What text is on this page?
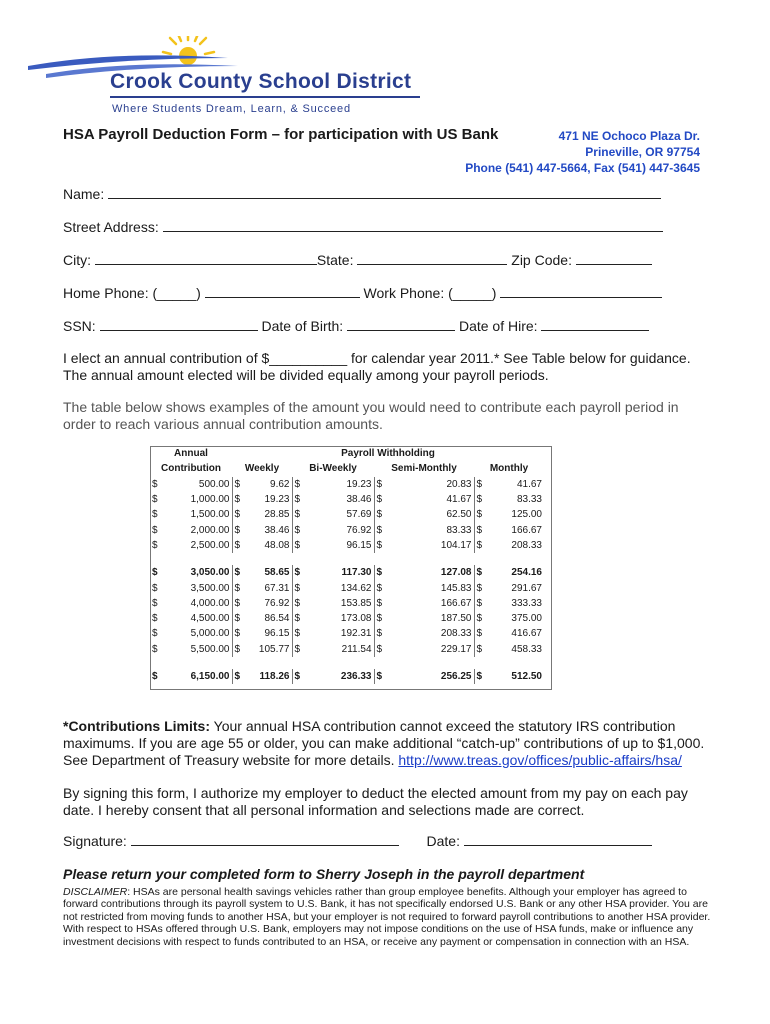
Crook County School District
Where Students Dream, Learn, & Succeed
HSA Payroll Deduction Form – for participation with US Bank	471 NE Ochoco Plaza Dr.
Prineville, OR 97754
Phone (541) 447-5664, Fax (541) 447-3645
Name:
Street Address:
City:	State:	Zip Code:
Home Phone: (_____)	Work Phone: (_____)
SSN:	Date of Birth:	Date of Hire:
I elect an annual contribution of $__________ for calendar year 2011.* See Table below for guidance. The annual amount elected will be divided equally among your payroll periods.
The table below shows examples of the amount you would need to contribute each payroll period in order to reach various annual contribution amounts.
Annual		Payroll Withholding							
Contribution		Weekly		Bi-Weekly		Semi-Monthly		Monthly	
$	500.00	$	9.62	$	19.23	$	20.83	$	41.67
$	1,000.00	$	19.23	$	38.46	$	41.67	$	83.33
$	1,500.00	$	28.85	$	57.69	$	62.50	$	125.00
$	2,000.00	$	38.46	$	76.92	$	83.33	$	166.67
$	2,500.00	$	48.08	$	96.15	$	104.17	$	208.33

$	3,050.00	$	58.65	$	117.30	$	127.08	$	254.16
$	3,500.00	$	67.31	$	134.62	$	145.83	$	291.67
$	4,000.00	$	76.92	$	153.85	$	166.67	$	333.33
$	4,500.00	$	86.54	$	173.08	$	187.50	$	375.00
$	5,000.00	$	96.15	$	192.31	$	208.33	$	416.67
$	5,500.00	$	105.77	$	211.54	$	229.17	$	458.33

$	6,150.00	$	118.26	$	236.33	$	256.25	$	512.50
*Contributions Limits: Your annual HSA contribution cannot exceed the statutory IRS contribution maximums. If you are age 55 or older, you can make additional “catch-up” contributions of up to $1,000. See Department of Treasury website for more details. http://www.treas.gov/offices/public-affairs/hsa/
By signing this form, I authorize my employer to deduct the elected amount from my pay on each pay date. I hereby consent that all personal information and selections made are correct.
Signature:	Date:
Please return your completed form to Sherry Joseph in the payroll department
DISCLAIMER: HSAs are personal health savings vehicles rather than group employee benefits. Although your employer has agreed to forward contributions through its payroll system to U.S. Bank, it has not specifically endorsed U.S. Bank or any other HSA provider. You are not restricted from moving funds to another HSA, but your employer is not required to forward payroll contributions to another HSA provider. With respect to HSAs offered through U.S. Bank, employers may not impose conditions on the use of HSA funds, make or influence any investment decisions with respect to funds contributed to an HSA, or receive any payment or compensation in connection with an HSA.
